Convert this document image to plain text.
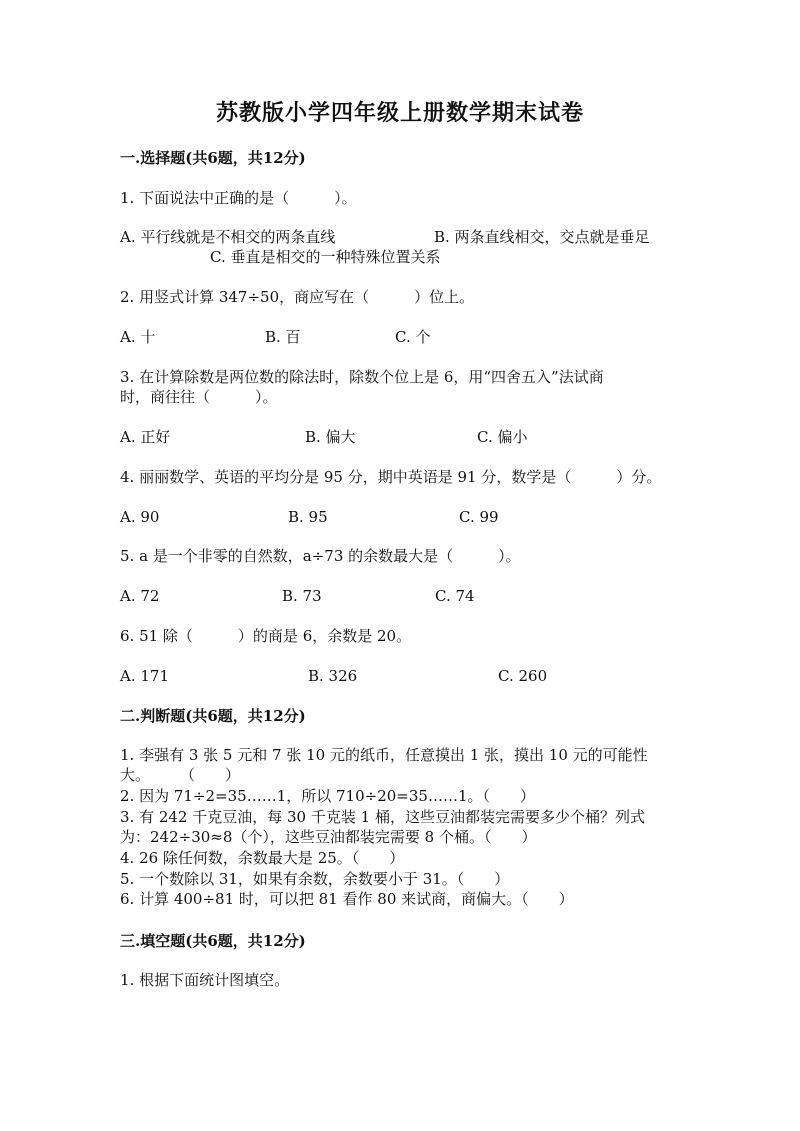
苏教版小学四年级上册数学期末试卷
一.选择题(共6题，共12分)
1. 下面说法中正确的是（　　　）。
A. 平行线就是不相交的两条直线	B. 两条直线相交，交点就是垂足
C. 垂直是相交的一种特殊位置关系
2. 用竖式计算 347÷50，商应写在（　　　）位上。
A. 十	B. 百	C. 个
3. 在计算除数是两位数的除法时，除数个位上是 6，用“四舍五入”法试商
时，商往往（　　　）。
A. 正好	B. 偏大	C. 偏小
4. 丽丽数学、英语的平均分是 95 分，期中英语是 91 分，数学是（　　　）分。
A. 90	B. 95	C. 99
5. a 是一个非零的自然数，a÷73 的余数最大是（　　　）。
A. 72	B. 73	C. 74
6. 51 除（　　　）的商是 6，余数是 20。
A. 171	B. 326	C. 260
二.判断题(共6题，共12分)
1. 李强有 3 张 5 元和 7 张 10 元的纸币，任意摸出 1 张，摸出 10 元的可能性
大。　　　（　　）
2. 因为 71÷2=35……1，所以 710÷20=35……1。（　　）
3. 有 242 千克豆油，每 30 千克装 1 桶，这些豆油都装完需要多少个桶？列式
为：242÷30≈8（个），这些豆油都装完需要 8 个桶。（　　）
4. 26 除任何数，余数最大是 25。（　　）
5. 一个数除以 31，如果有余数，余数要小于 31。（　　）
6. 计算 400÷81 时，可以把 81 看作 80 来试商，商偏大。（　　）
三.填空题(共6题，共12分)
1. 根据下面统计图填空。
